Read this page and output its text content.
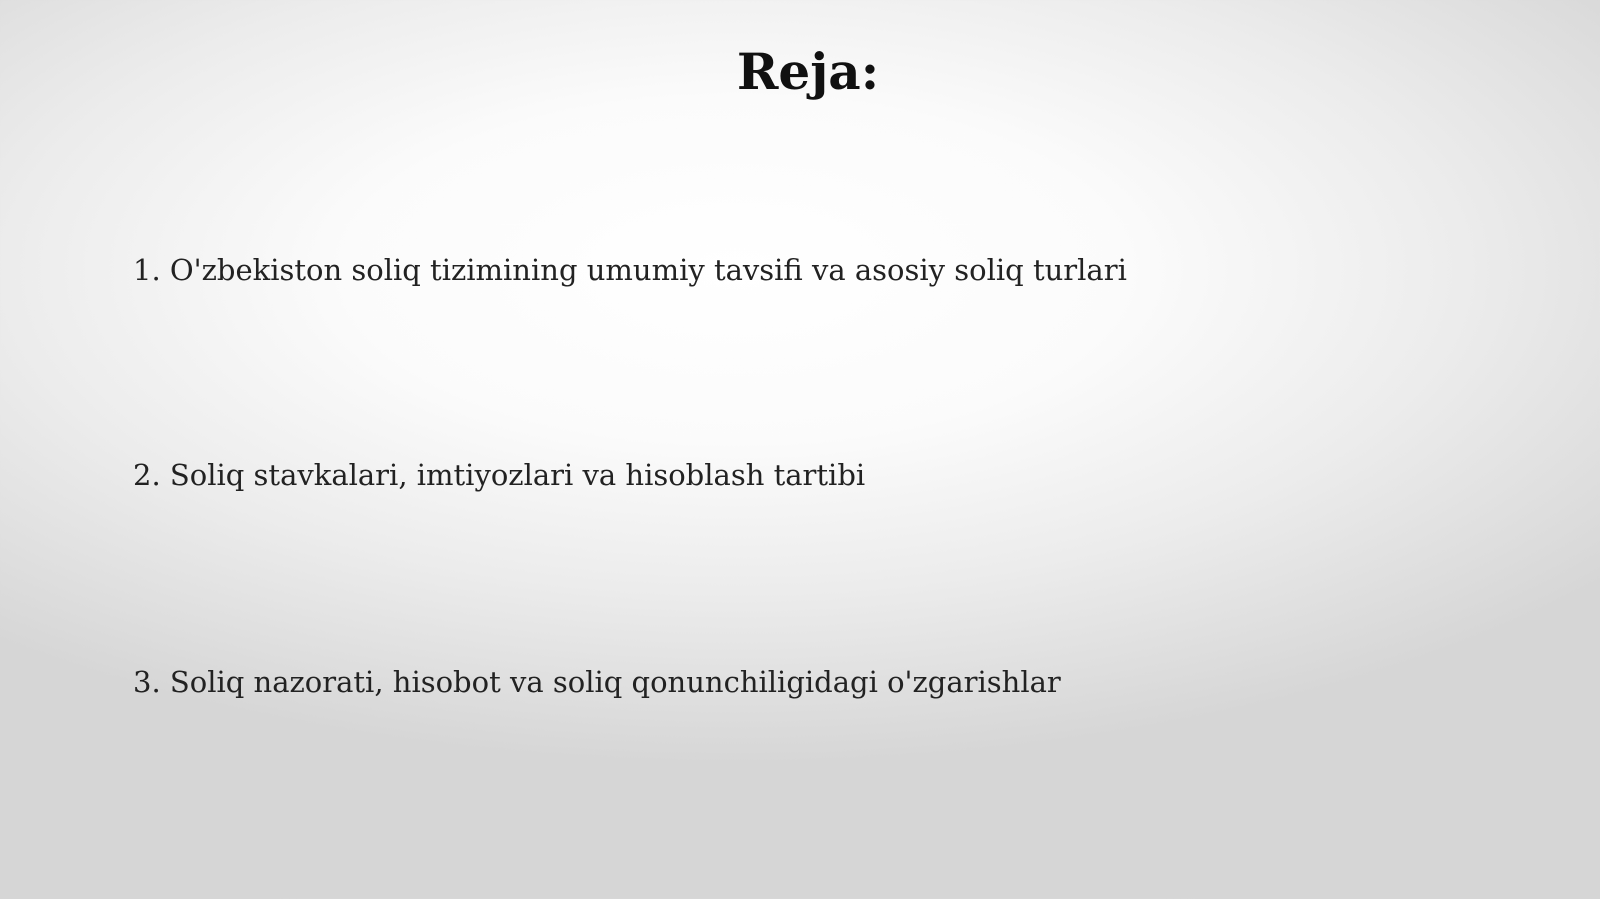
Reja:
1. O'zbekiston soliq tizimining umumiy tavsifi va asosiy soliq turlari
2. Soliq stavkalari, imtiyozlari va hisoblash tartibi
3. Soliq nazorati, hisobot va soliq qonunchiligidagi o'zgarishlar
